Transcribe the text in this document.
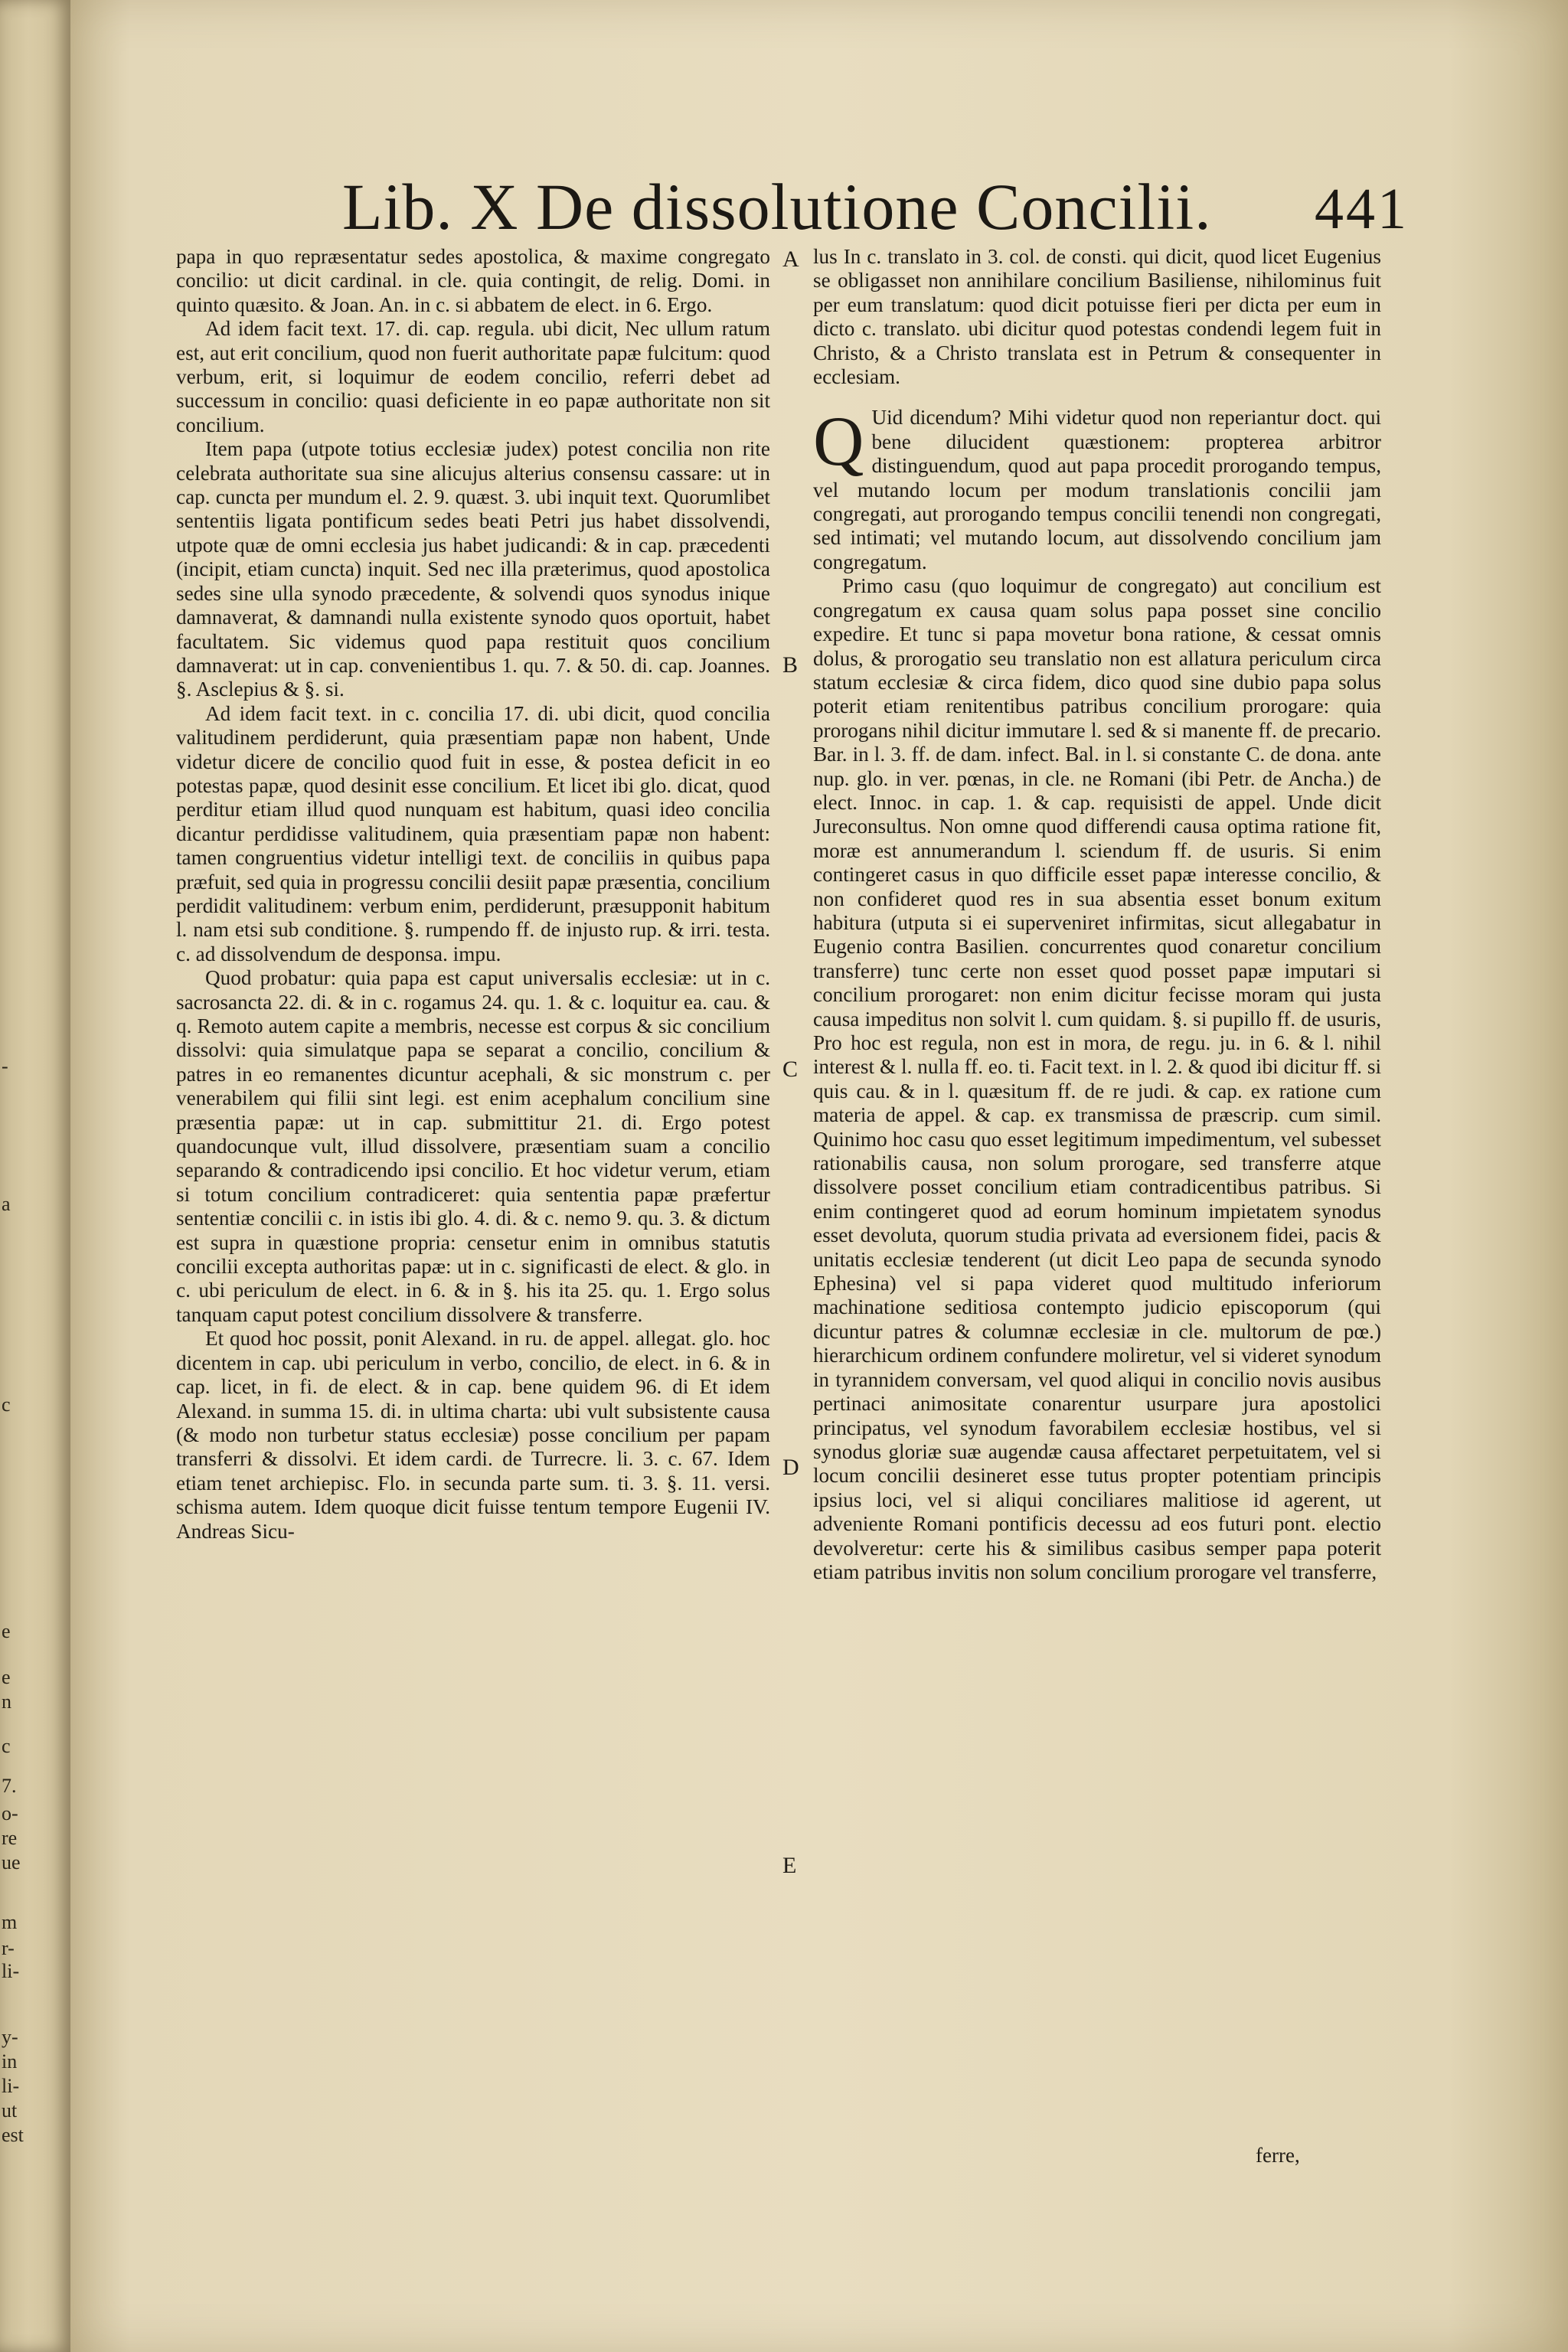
-
a
c
e
e
n
c
7.
o-
re
ue
m
r-
li-
y-
in
li-
ut
est
Lib. X De dissolutione Concilii. 441

papa in quo repræsentatur sedes apostolica, & maxime congregato concilio: ut dicit cardinal. in cle. quia contingit, de relig. Domi. in quinto quæsito. & Joan. An. in c. si abbatem de elect. in 6. Ergo.

Ad idem facit text. 17. di. cap. regula. ubi dicit, Nec ullum ratum est, aut erit concilium, quod non fuerit authoritate papæ fulcitum: quod verbum, erit, si loquimur de eodem concilio, referri debet ad successum in concilio: quasi deficiente in eo papæ authoritate non sit concilium.

Item papa (utpote totius ecclesiæ judex) potest concilia non rite celebrata authoritate sua sine alicujus alterius consensu cassare: ut in cap. cuncta per mundum el. 2. 9. quæst. 3. ubi inquit text. Quorumlibet sententiis ligata pontificum sedes beati Petri jus habet dissolvendi, utpote quæ de omni ecclesia jus habet judicandi: & in cap. præcedenti (incipit, etiam cuncta) inquit. Sed nec illa præterimus, quod apostolica sedes sine ulla synodo præcedente, & solvendi quos synodus inique damnaverat, & damnandi nulla existente synodo quos oportuit, habet facultatem. Sic videmus quod papa restituit quos concilium damnaverat: ut in cap. convenientibus 1. qu. 7. & 50. di. cap. Joannes. §. Asclepius & §. si.

Ad idem facit text. in c. concilia 17. di. ubi dicit, quod concilia valitudinem perdiderunt, quia præsentiam papæ non habent, Unde videtur dicere de concilio quod fuit in esse, & postea deficit in eo potestas papæ, quod desinit esse concilium. Et licet ibi glo. dicat, quod perditur etiam illud quod nunquam est habitum, quasi ideo concilia dicantur perdidisse valitudinem, quia præsentiam papæ non habent: tamen congruentius videtur intelligi text. de conciliis in quibus papa præfuit, sed quia in progressu concilii desiit papæ præsentia, concilium perdidit valitudinem: verbum enim, perdiderunt, præsupponit habitum l. nam etsi sub conditione. §. rumpendo ff. de injusto rup. & irri. testa. c. ad dissolvendum de desponsa. impu.

Quod probatur: quia papa est caput universalis ecclesiæ: ut in c. sacrosancta 22. di. & in c. rogamus 24. qu. 1. & c. loquitur ea. cau. & q. Remoto autem capite a membris, necesse est corpus & sic concilium dissolvi: quia simulatque papa se separat a concilio, concilium & patres in eo remanentes dicuntur acephali, & sic monstrum c. per venerabilem qui filii sint legi. est enim acephalum concilium sine præsentia papæ: ut in cap. submittitur 21. di. Ergo potest quandocunque vult, illud dissolvere, præsentiam suam a concilio separando & contradicendo ipsi concilio. Et hoc videtur verum, etiam si totum concilium contradiceret: quia sententia papæ præfertur sententiæ concilii c. in istis ibi glo. 4. di. & c. nemo 9. qu. 3. & dictum est supra in quæstione propria: censetur enim in omnibus statutis concilii excepta authoritas papæ: ut in c. significasti de elect. & glo. in c. ubi periculum de elect. in 6. & in §. his ita 25. qu. 1. Ergo solus tanquam caput potest concilium dissolvere & transferre.

Et quod hoc possit, ponit Alexand. in ru. de appel. allegat. glo. hoc dicentem in cap. ubi periculum in verbo, concilio, de elect. in 6. & in cap. licet, in fi. de elect. & in cap. bene quidem 96. di Et idem Alexand. in summa 15. di. in ultima charta: ubi vult subsistente causa (& modo non turbetur status ecclesiæ) posse concilium per papam transferri & dissolvi. Et idem cardi. de Turrecre. li. 3. c. 67. Idem etiam tenet archiepisc. Flo. in secunda parte sum. ti. 3. §. 11. versi. schisma autem. Idem quoque dicit fuisse tentum tempore Eugenii IV. Andreas Sicu-

A
B
C
D
E

lus In c. translato in 3. col. de consti. qui dicit, quod licet Eugenius se obligasset non annihilare concilium Basiliense, nihilominus fuit per eum translatum: quod dicit potuisse fieri per dicta per eum in dicto c. translato. ubi dicitur quod potestas condendi legem fuit in Christo, & a Christo translata est in Petrum & consequenter in ecclesiam.

Q Uid dicendum? Mihi videtur quod non reperiantur doct. qui bene dilucident quæstionem: propterea arbitror distinguendum, quod aut papa procedit prorogando tempus, vel mutando locum per modum translationis concilii jam congregati, aut prorogando tempus concilii tenendi non congregati, sed intimati; vel mutando locum, aut dissolvendo concilium jam congregatum.

Primo casu (quo loquimur de congregato) aut concilium est congregatum ex causa quam solus papa posset sine concilio expedire. Et tunc si papa movetur bona ratione, & cessat omnis dolus, & prorogatio seu translatio non est allatura periculum circa statum ecclesiæ & circa fidem, dico quod sine dubio papa solus poterit etiam renitentibus patribus concilium prorogare: quia prorogans nihil dicitur immutare l. sed & si manente ff. de precario. Bar. in l. 3. ff. de dam. infect. Bal. in l. si constante C. de dona. ante nup. glo. in ver. pœnas, in cle. ne Romani (ibi Petr. de Ancha.) de elect. Innoc. in cap. 1. & cap. requisisti de appel. Unde dicit Jureconsultus. Non omne quod differendi causa optima ratione fit, moræ est annumerandum l. sciendum ff. de usuris. Si enim contingeret casus in quo difficile esset papæ interesse concilio, & non confideret quod res in sua absentia esset bonum exitum habitura (utputa si ei superveniret infirmitas, sicut allegabatur in Eugenio contra Basilien. concurrentes quod conaretur concilium transferre) tunc certe non esset quod posset papæ imputari si concilium prorogaret: non enim dicitur fecisse moram qui justa causa impeditus non solvit l. cum quidam. §. si pupillo ff. de usuris, Pro hoc est regula, non est in mora, de regu. ju. in 6. & l. nihil interest & l. nulla ff. eo. ti. Facit text. in l. 2. & quod ibi dicitur ff. si quis cau. & in l. quæsitum ff. de re judi. & cap. ex ratione cum materia de appel. & cap. ex transmissa de præscrip. cum simil. Quinimo hoc casu quo esset legitimum impedimentum, vel subesset rationabilis causa, non solum prorogare, sed transferre atque dissolvere posset concilium etiam contradicentibus patribus. Si enim contingeret quod ad eorum hominum impietatem synodus esset devoluta, quorum studia privata ad eversionem fidei, pacis & unitatis ecclesiæ tenderent (ut dicit Leo papa de secunda synodo Ephesina) vel si papa videret quod multitudo inferiorum machinatione seditiosa contempto judicio episcoporum (qui dicuntur patres & columnæ ecclesiæ in cle. multorum de pœ.) hierarchicum ordinem confundere moliretur, vel si videret synodum in tyrannidem conversam, vel quod aliqui in concilio novis ausibus pertinaci animositate conarentur usurpare jura apostolici principatus, vel synodum favorabilem ecclesiæ hostibus, vel si synodus gloriæ suæ augendæ causa affectaret perpetuitatem, vel si locum concilii desineret esse tutus propter potentiam principis ipsius loci, vel si aliqui conciliares malitiose id agerent, ut adveniente Romani pontificis decessu ad eos futuri pont. electio devolveretur: certe his & similibus casibus semper papa poterit etiam patribus invitis non solum concilium prorogare vel transferre,

ferre,
